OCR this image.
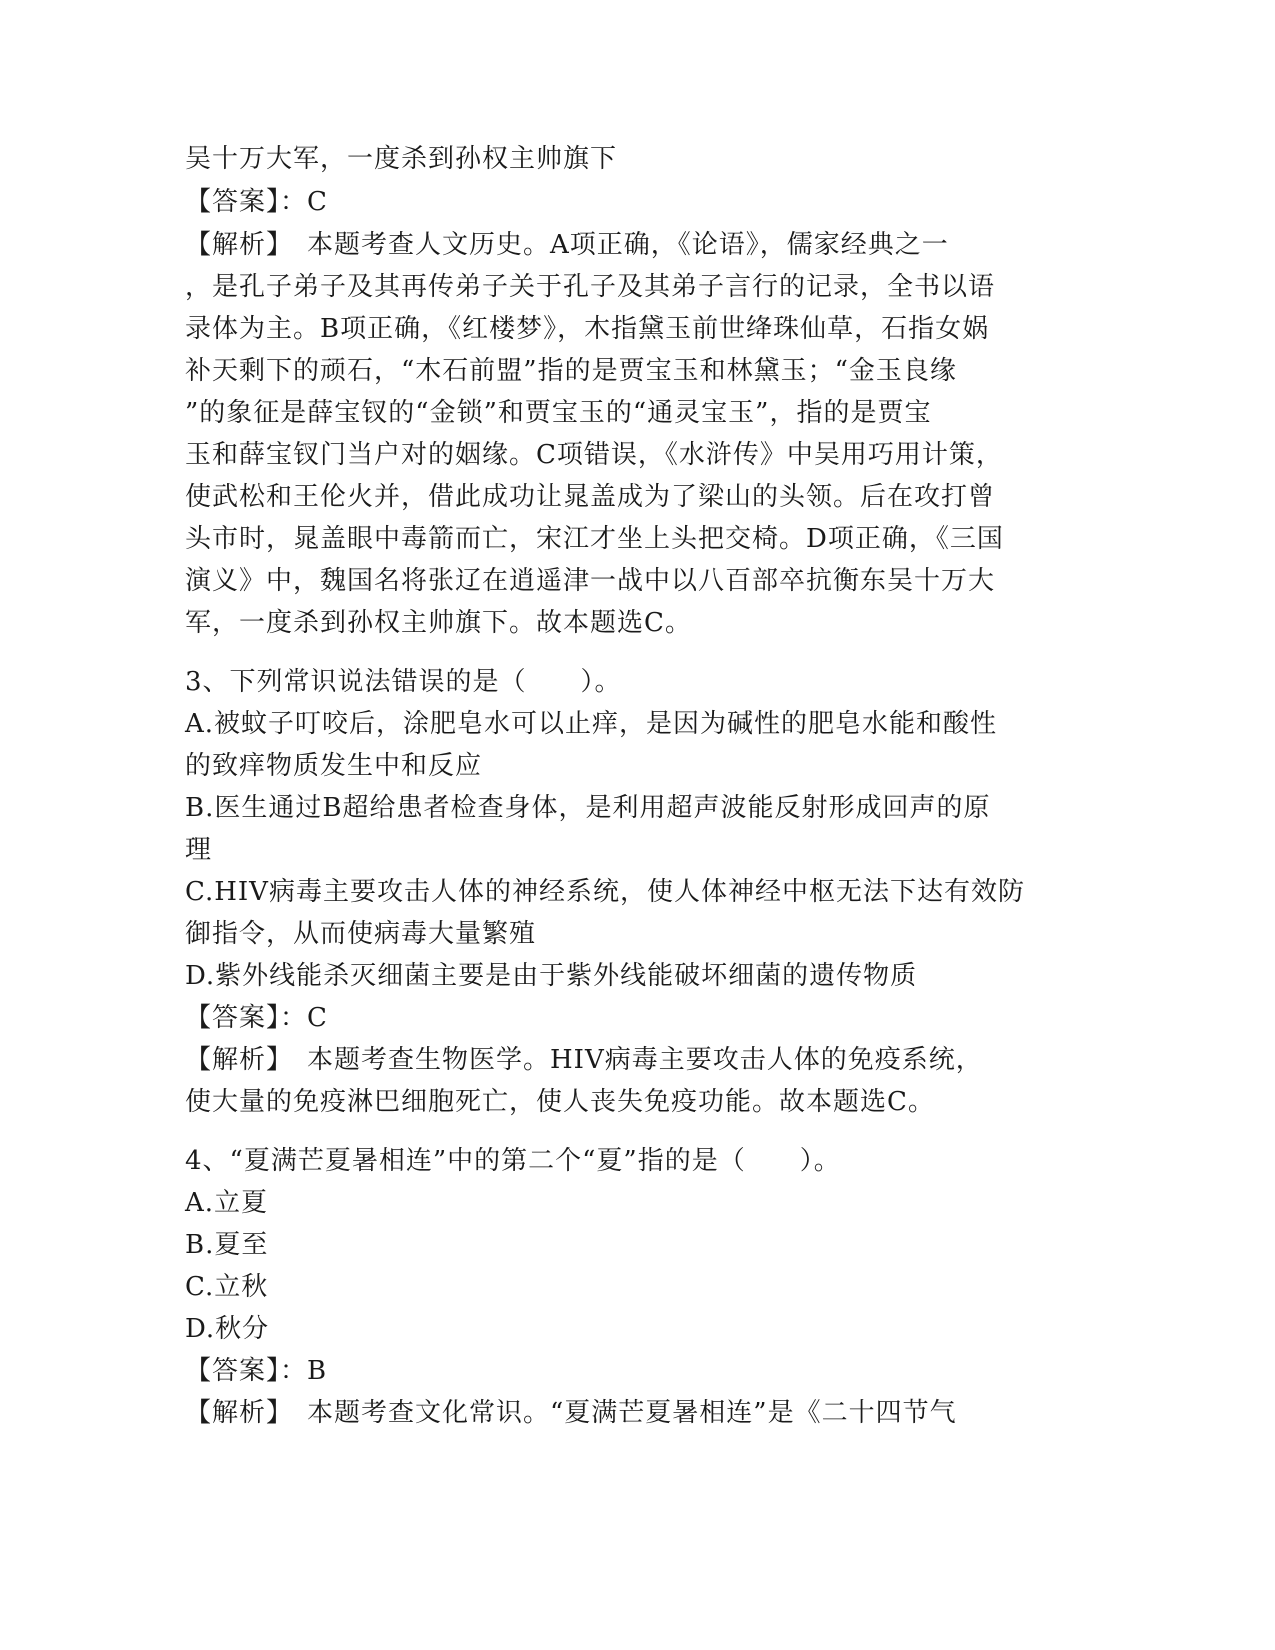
吴十万大军，一度杀到孙权主帅旗下
【答案】：C
【解析】　本题考查人文历史。A项正确，《论语》，儒家经典之一
，是孔子弟子及其再传弟子关于孔子及其弟子言行的记录，全书以语
录体为主。B项正确，《红楼梦》，木指黛玉前世绛珠仙草，石指女娲
补天剩下的顽石，“木石前盟”指的是贾宝玉和林黛玉；“金玉良缘
”的象征是薛宝钗的“金锁”和贾宝玉的“通灵宝玉”，指的是贾宝
玉和薛宝钗门当户对的姻缘。C项错误，《水浒传》中吴用巧用计策，
使武松和王伦火并，借此成功让晁盖成为了梁山的头领。后在攻打曾
头市时，晁盖眼中毒箭而亡，宋江才坐上头把交椅。D项正确，《三国
演义》中，魏国名将张辽在逍遥津一战中以八百部卒抗衡东吴十万大
军，一度杀到孙权主帅旗下。故本题选C。
3、下列常识说法错误的是（　　）。
A.被蚊子叮咬后，涂肥皂水可以止痒，是因为碱性的肥皂水能和酸性
的致痒物质发生中和反应
B.医生通过B超给患者检查身体，是利用超声波能反射形成回声的原
理
C.HIV病毒主要攻击人体的神经系统，使人体神经中枢无法下达有效防
御指令，从而使病毒大量繁殖
D.紫外线能杀灭细菌主要是由于紫外线能破坏细菌的遗传物质
【答案】：C
【解析】　本题考查生物医学。HIV病毒主要攻击人体的免疫系统，
使大量的免疫淋巴细胞死亡，使人丧失免疫功能。故本题选C。
4、“夏满芒夏暑相连”中的第二个“夏”指的是（　　）。
A.立夏
B.夏至
C.立秋
D.秋分
【答案】：B
【解析】　本题考查文化常识。“夏满芒夏暑相连”是《二十四节气
